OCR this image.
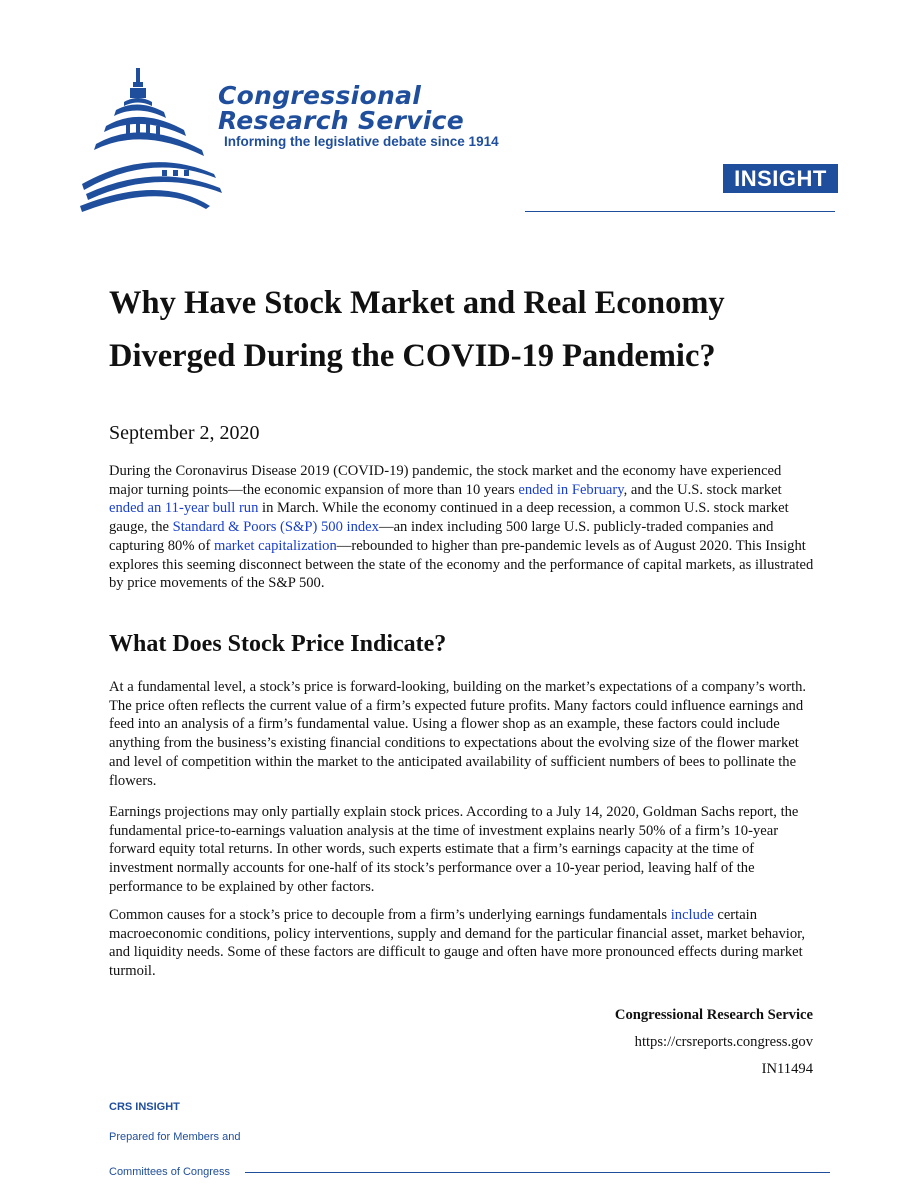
Congressional
Research Service
Informing the legislative debate since 1914
INSIGHT
Why Have Stock Market and Real Economy Diverged During the COVID-19 Pandemic?
September 2, 2020

During the Coronavirus Disease 2019 (COVID-19) pandemic, the stock market and the economy have experienced major turning points—the economic expansion of more than 10 years ended in February, and the U.S. stock market ended an 11-year bull run in March. While the economy continued in a deep recession, a common U.S. stock market gauge, the Standard & Poors (S&P) 500 index—an index including 500 large U.S. publicly-traded companies and capturing 80% of market capitalization—rebounded to higher than pre-pandemic levels as of August 2020. This Insight explores this seeming disconnect between the state of the economy and the performance of capital markets, as illustrated by price movements of the S&P 500.

What Does Stock Price Indicate?

At a fundamental level, a stock’s price is forward-looking, building on the market’s expectations of a company’s worth. The price often reflects the current value of a firm’s expected future profits. Many factors could influence earnings and feed into an analysis of a firm’s fundamental value. Using a flower shop as an example, these factors could include anything from the business’s existing financial conditions to expectations about the evolving size of the flower market and level of competition within the market to the anticipated availability of sufficient numbers of bees to pollinate the flowers.

Earnings projections may only partially explain stock prices. According to a July 14, 2020, Goldman Sachs report, the fundamental price-to-earnings valuation analysis at the time of investment explains nearly 50% of a firm’s 10-year forward equity total returns. In other words, such experts estimate that a firm’s earnings capacity at the time of investment normally accounts for one-half of its stock’s performance over a 10-year period, leaving half of the performance to be explained by other factors.

Common causes for a stock’s price to decouple from a firm’s underlying earnings fundamentals include certain macroeconomic conditions, policy interventions, supply and demand for the particular financial asset, market behavior, and liquidity needs. Some of these factors are difficult to gauge and often have more pronounced effects during market turmoil.

Congressional Research Service
https://crsreports.congress.gov
IN11494
CRS INSIGHT
Prepared for Members and
Committees of Congress
